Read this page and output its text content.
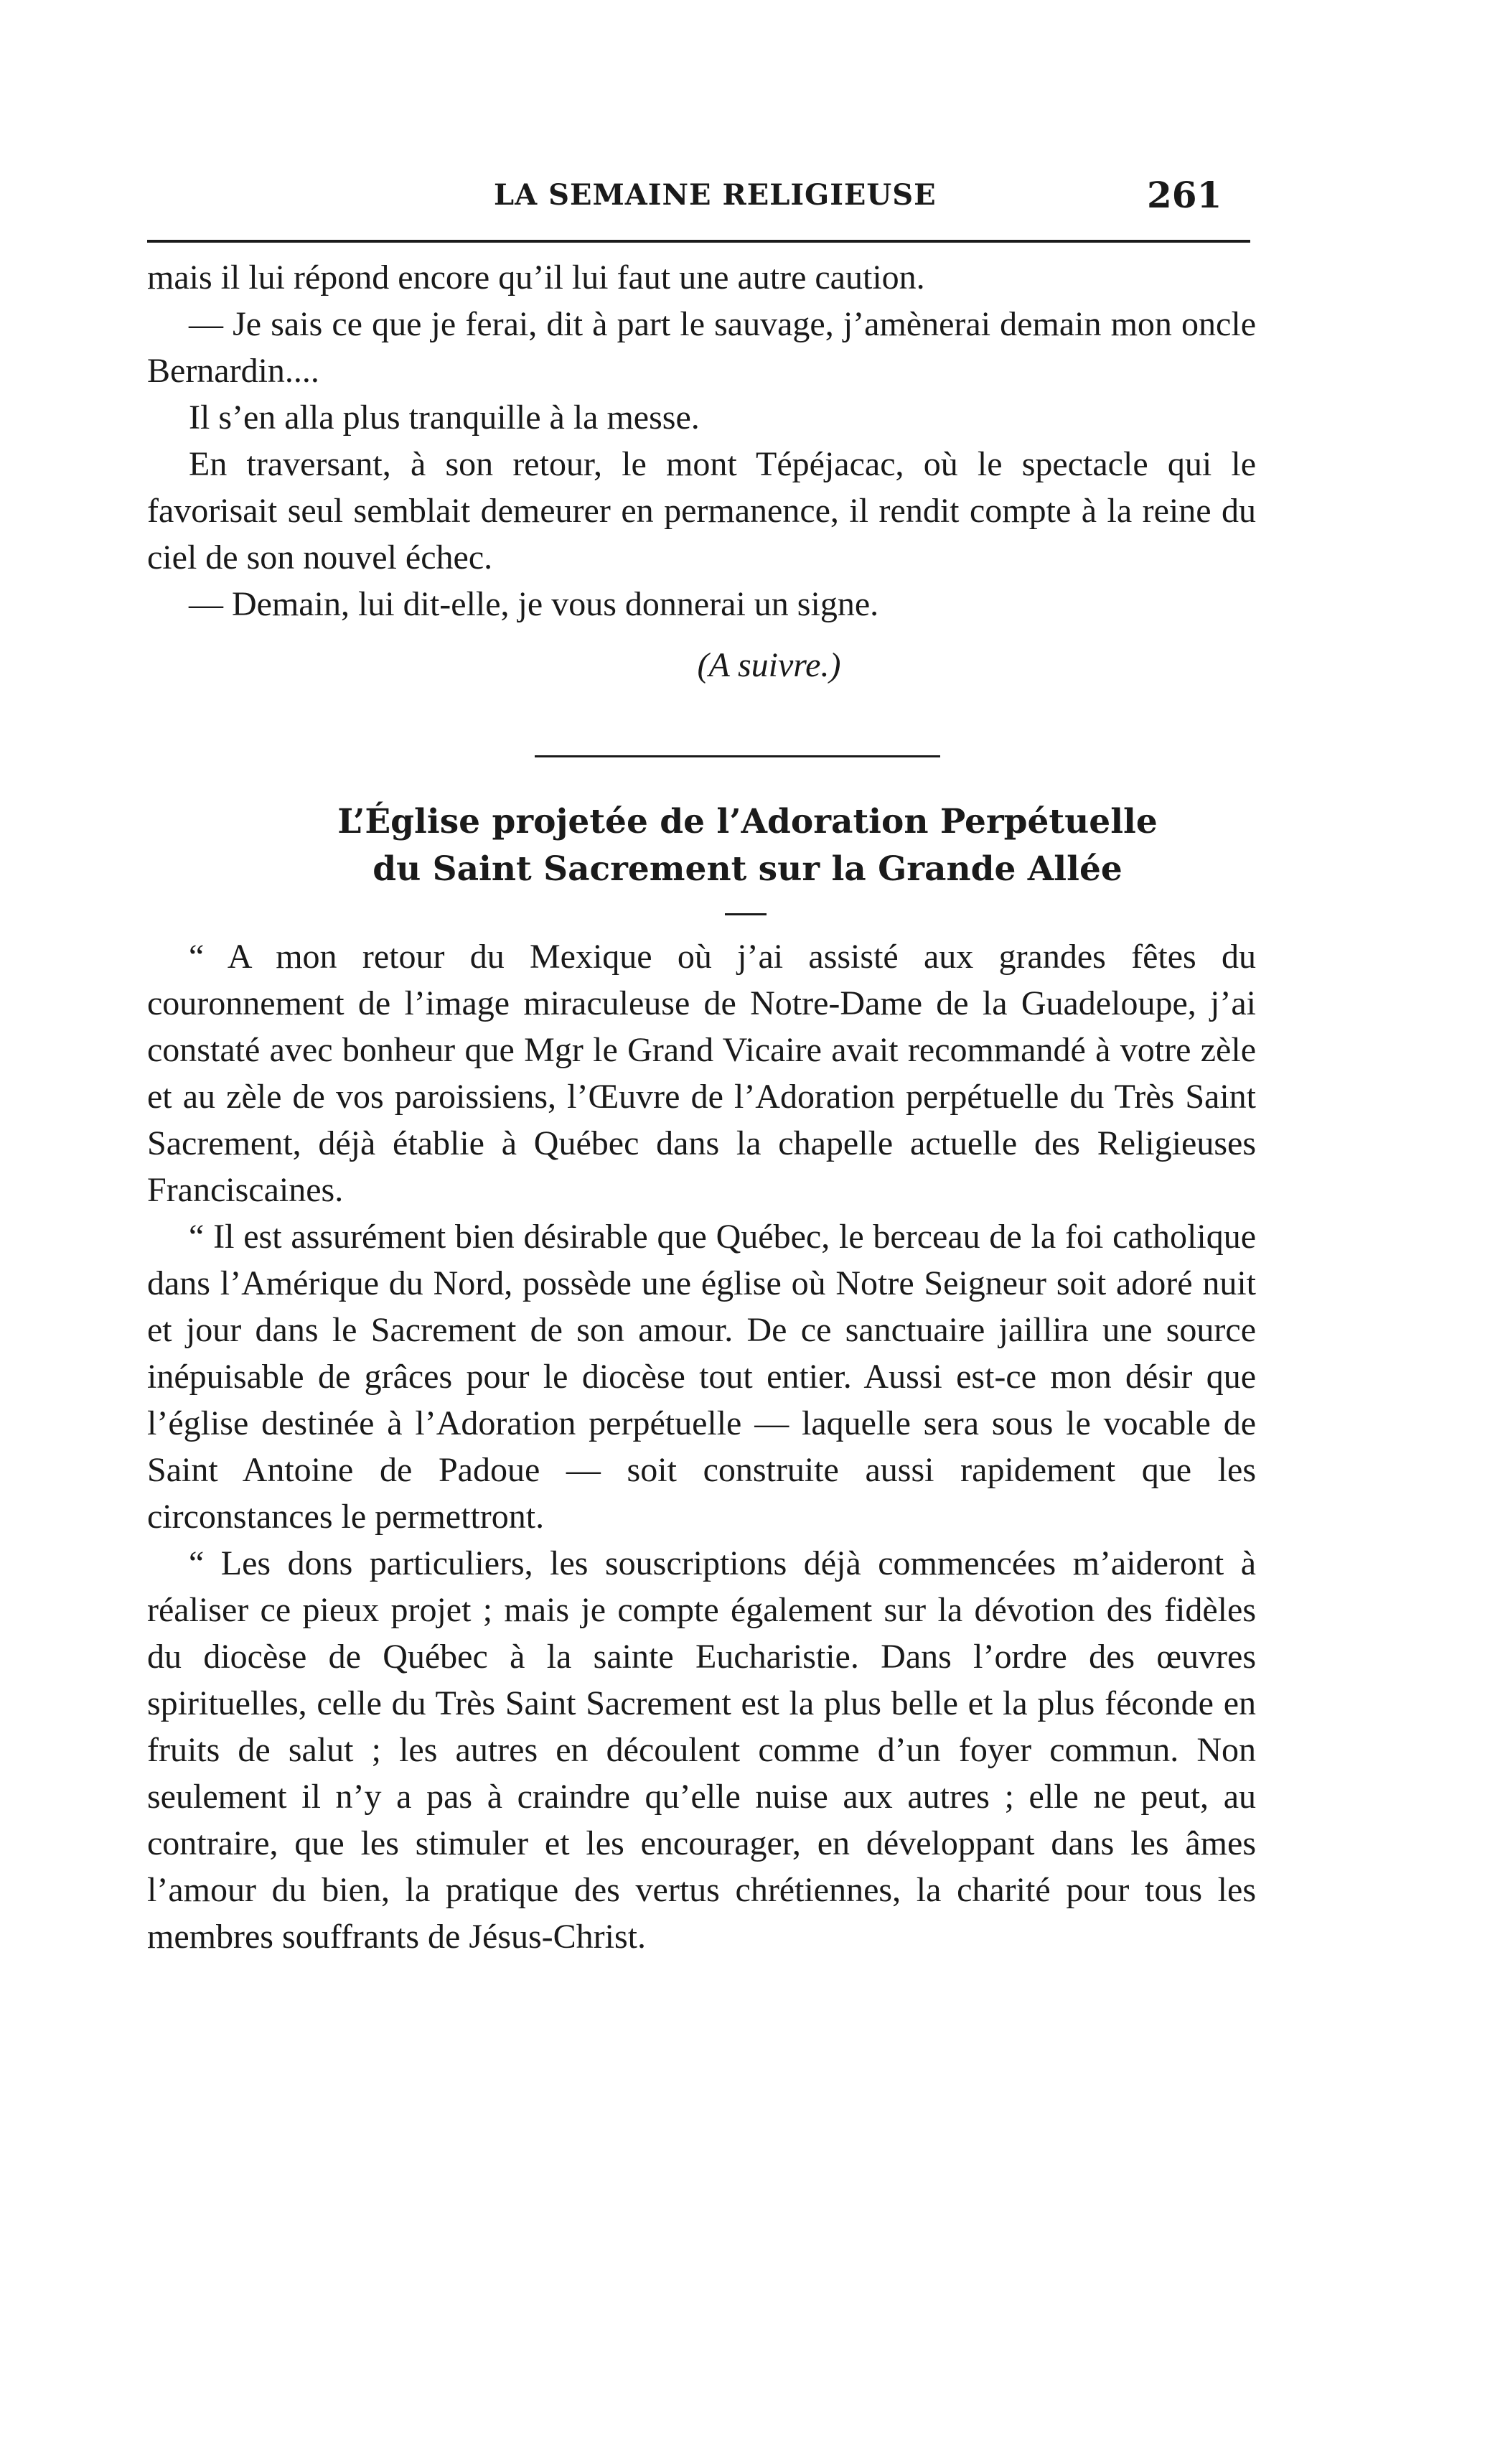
LA SEMAINE RELIGIEUSE	261

mais il lui répond encore qu’il lui faut une autre caution.

— Je sais ce que je ferai, dit à part le sauvage, j’amènerai demain mon oncle Bernardin....

Il s’en alla plus tranquille à la messe.

En traversant, à son retour, le mont Tépéjacac, où le spectacle qui le favorisait seul semblait demeurer en permanence, il rendit compte à la reine du ciel de son nouvel échec.

— Demain, lui dit-elle, je vous donnerai un signe.

(A suivre.)
L’Église projetée de l’Adoration Perpétuelle
du Saint Sacrement sur la Grande Allée

“ A mon retour du Mexique où j’ai assisté aux grandes fêtes du couronnement de l’image miraculeuse de Notre-Dame de la Guadeloupe, j’ai constaté avec bonheur que Mgr le Grand Vicaire avait recommandé à votre zèle et au zèle de vos paroissiens, l’Œuvre de l’Adoration perpétuelle du Très Saint Sacrement, déjà établie à Québec dans la chapelle actuelle des Religieuses Franciscaines.

“ Il est assurément bien désirable que Québec, le berceau de la foi catholique dans l’Amérique du Nord, possède une église où Notre Seigneur soit adoré nuit et jour dans le Sacrement de son amour. De ce sanctuaire jaillira une source inépuisable de grâces pour le diocèse tout entier. Aussi est-ce mon désir que l’église destinée à l’Adoration perpétuelle — laquelle sera sous le vocable de Saint Antoine de Padoue — soit construite aussi rapidement que les circonstances le permettront.

“ Les dons particuliers, les souscriptions déjà commencées m’aideront à réaliser ce pieux projet ; mais je compte également sur la dévotion des fidèles du diocèse de Québec à la sainte Eucharistie. Dans l’ordre des œuvres spirituelles, celle du Très Saint Sacrement est la plus belle et la plus féconde en fruits de salut ; les autres en découlent comme d’un foyer commun. Non seulement il n’y a pas à craindre qu’elle nuise aux autres ; elle ne peut, au contraire, que les stimuler et les encourager, en développant dans les âmes l’amour du bien, la pratique des vertus chrétiennes, la charité pour tous les membres souffrants de Jésus-Christ.
